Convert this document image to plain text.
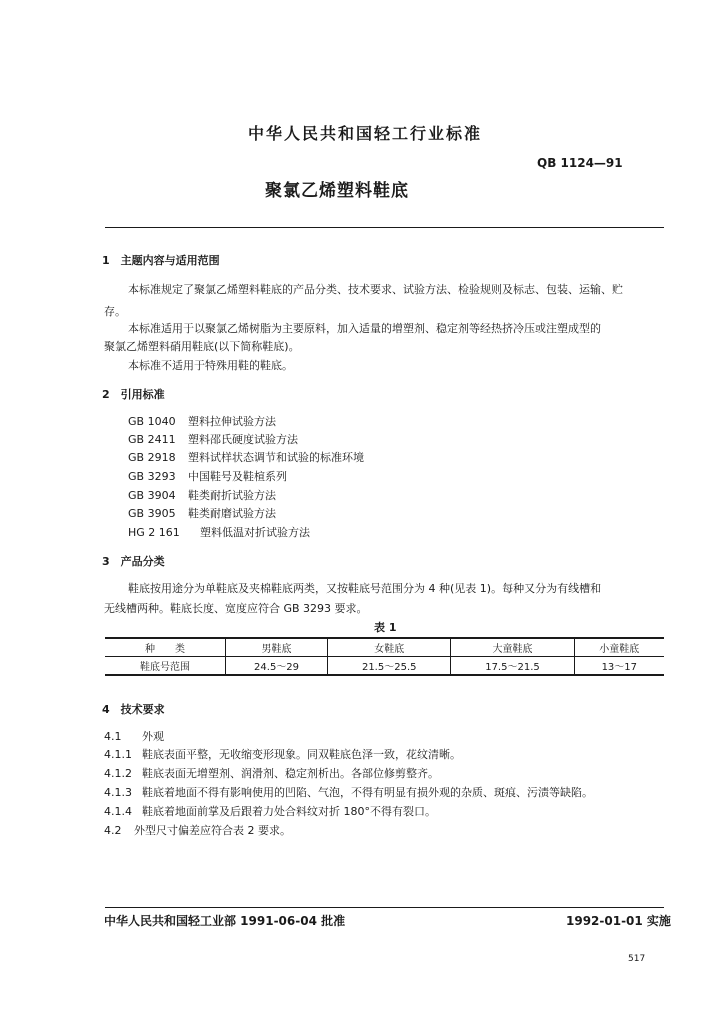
中华人民共和国轻工行业标准
QB 1124—91
聚氯乙烯塑料鞋底
1　主题内容与适用范围
本标准规定了聚氯乙烯塑料鞋底的产品分类、技术要求、试验方法、检验规则及标志、包装、运输、贮
存。
本标准适用于以聚氯乙烯树脂为主要原料，加入适量的增塑剂、稳定剂等经热挤冷压或注塑成型的
聚氯乙烯塑料硝用鞋底(以下简称鞋底)。
本标准不适用于特殊用鞋的鞋底。
2　引用标准
GB 1040 塑料拉伸试验方法
GB 2411 塑料邵氏硬度试验方法
GB 2918 塑料试样状态调节和试验的标准环境
GB 3293 中国鞋号及鞋楦系列
GB 3904 鞋类耐折试验方法
GB 3905 鞋类耐磨试验方法
HG 2 161 塑料低温对折试验方法
3　产品分类
鞋底按用途分为单鞋底及夹棉鞋底两类，又按鞋底号范围分为 4 种(见表 1)。每种又分为有线槽和
无线槽两种。鞋底长度、宽度应符合 GB 3293 要求。
表 1
种　　类	男鞋底	女鞋底	大童鞋底	小童鞋底
鞋底号范围	24.5～29	21.5～25.5	17.5～21.5	13～17
4　技术要求
4.1 外观
4.1.1 鞋底表面平整，无收缩变形现象。同双鞋底色泽一致，花纹清晰。
4.1.2 鞋底表面无增塑剂、润滑剂、稳定剂析出。各部位修剪整齐。
4.1.3 鞋底着地面不得有影响使用的凹陷、气泡，不得有明显有损外观的杂质、斑痕、污渍等缺陷。
4.1.4 鞋底着地面前掌及后跟着力处合料纹对折 180°不得有裂口。
4.2 外型尺寸偏差应符合表 2 要求。
中华人民共和国轻工业部 1991-06-04 批准	1992-01-01 实施
517
